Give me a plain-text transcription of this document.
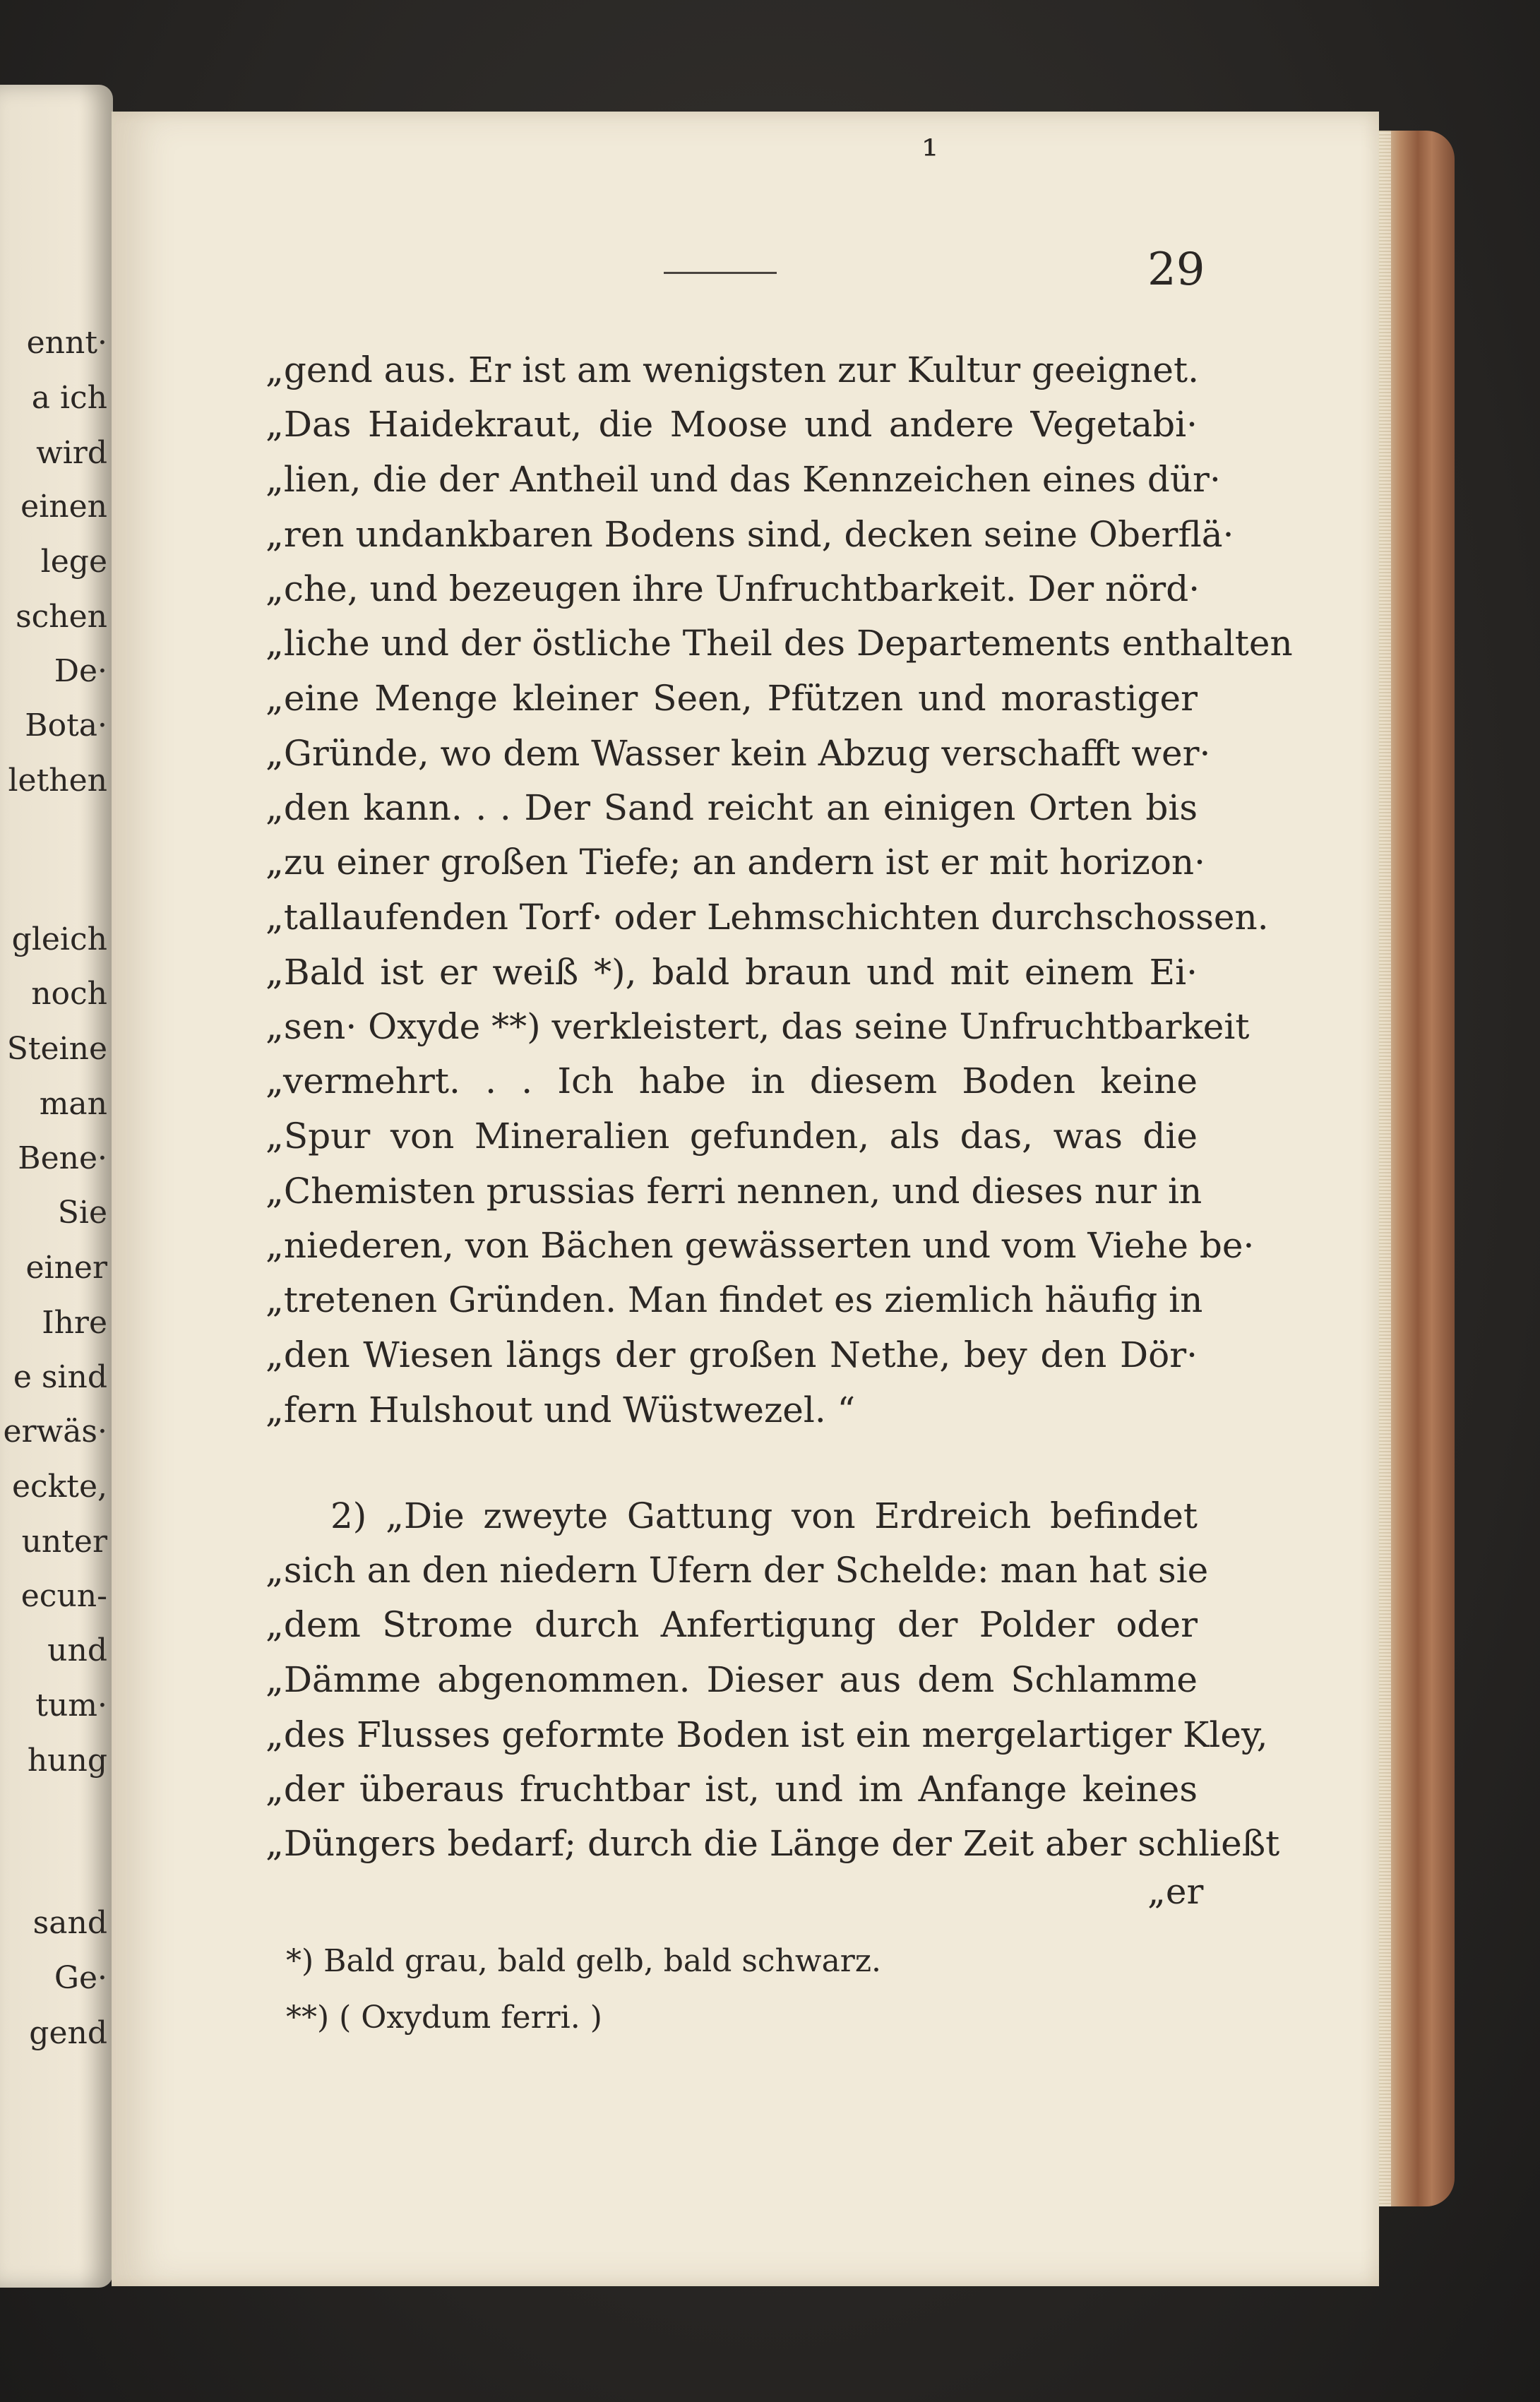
ennt·
a ich
wird
einen
lege
schen
De·
Bota·
lethen
gleich
noch
Steine
man
Bene·
Sie
einer
Ihre
e sind
erwäs·
eckte,
unter
ecun-
und
tum·
hung
sand
Ge·
gend
¹
29
„gend aus. Er ist am wenigsten zur Kultur geeignet.
„Das Haidekraut, die Moose und andere Vegetabi·
„lien, die der Antheil und das Kennzeichen eines dür·
„ren undankbaren Bodens sind, decken seine Oberflä·
„che, und bezeugen ihre Unfruchtbarkeit. Der nörd·
„liche und der östliche Theil des Departements enthalten
„eine Menge kleiner Seen, Pfützen und morastiger
„Gründe, wo dem Wasser kein Abzug verschafft wer·
„den kann. . . Der Sand reicht an einigen Orten bis
„zu einer großen Tiefe; an andern ist er mit horizon·
„tallaufenden Torf· oder Lehmschichten durchschossen.
„Bald ist er weiß *), bald braun und mit einem Ei·
„sen· Oxyde **) verkleistert, das seine Unfruchtbarkeit
„vermehrt. . . Ich habe in diesem Boden keine
„Spur von Mineralien gefunden, als das, was die
„Chemisten prussias ferri nennen, und dieses nur in
„niederen, von Bächen gewässerten und vom Viehe be·
„tretenen Gründen. Man findet es ziemlich häufig in
„den Wiesen längs der großen Nethe, bey den Dör·
„fern Hulshout und Wüstwezel. “
2) „Die zweyte Gattung von Erdreich befindet
„sich an den niedern Ufern der Schelde: man hat sie
„dem Strome durch Anfertigung der Polder oder
„Dämme abgenommen. Dieser aus dem Schlamme
„des Flusses geformte Boden ist ein mergelartiger Kley,
„der überaus fruchtbar ist, und im Anfange keines
„Düngers bedarf; durch die Länge der Zeit aber schließt
„er
*) Bald grau, bald gelb, bald schwarz.
**) ( Oxydum ferri. )
